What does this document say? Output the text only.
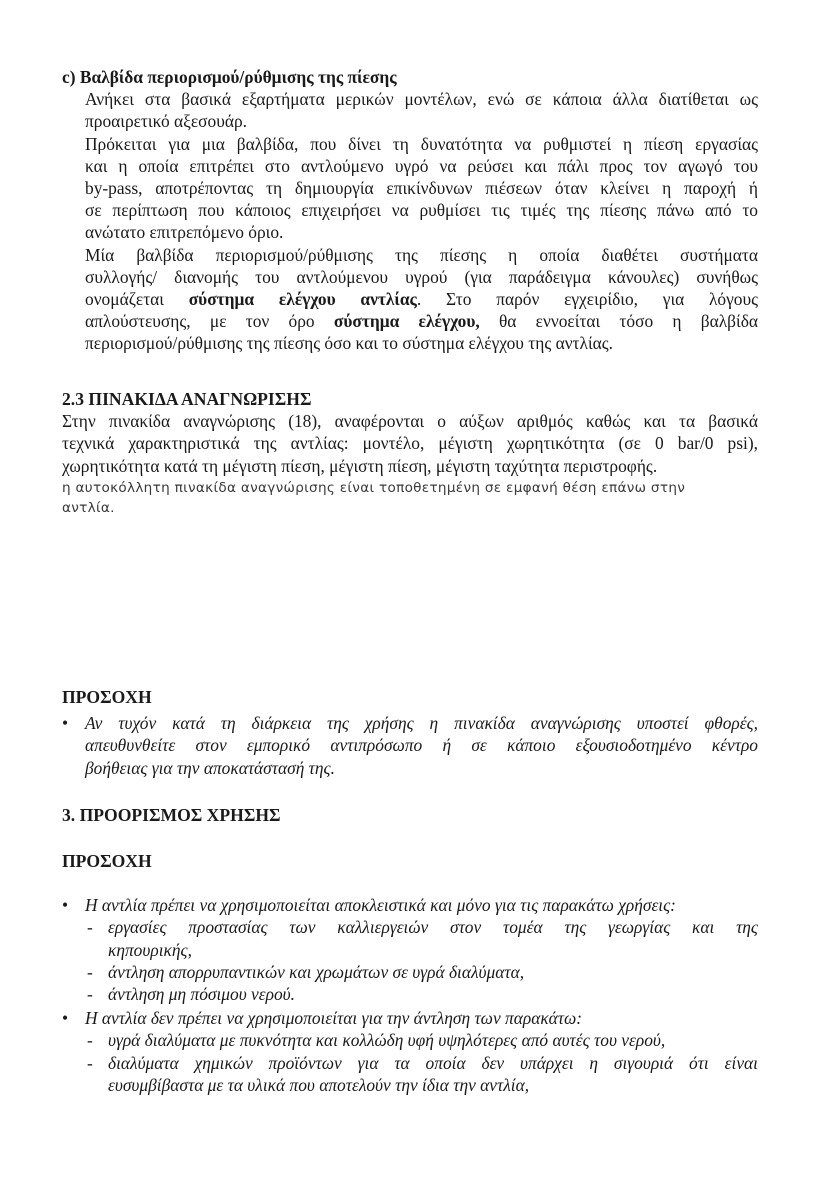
c) Βαλβίδα περιορισμού/ρύθμισης της πίεσης
Ανήκει στα βασικά εξαρτήματα μερικών μοντέλων, ενώ σε κάποια άλλα διατίθεται ως
προαιρετικό αξεσουάρ.
Πρόκειται για μια βαλβίδα, που δίνει τη δυνατότητα να ρυθμιστεί η πίεση εργασίας
και η οποία επιτρέπει στο αντλούμενο υγρό να ρεύσει και πάλι προς τον αγωγό του
by-pass, αποτρέποντας τη δημιουργία επικίνδυνων πιέσεων όταν κλείνει η παροχή ή
σε περίπτωση που κάποιος επιχειρήσει να ρυθμίσει τις τιμές της πίεσης πάνω από το
ανώτατο επιτρεπόμενο όριο.
Μία βαλβίδα περιορισμού/ρύθμισης της πίεσης η οποία διαθέτει συστήματα
συλλογής/ διανομής του αντλούμενου υγρού (για παράδειγμα κάνουλες) συνήθως
ονομάζεται σύστημα ελέγχου αντλίας. Στο παρόν εγχειρίδιο, για λόγους
απλούστευσης, με τον όρο σύστημα ελέγχου, θα εννοείται τόσο η βαλβίδα
περιορισμού/ρύθμισης της πίεσης όσο και το σύστημα ελέγχου της αντλίας.
2.3 ΠΙΝΑΚΙΔΑ ΑΝΑΓΝΩΡΙΣΗΣ
Στην πινακίδα αναγνώρισης (18), αναφέρονται ο αύξων αριθμός καθώς και τα βασικά
τεχνικά χαρακτηριστικά της αντλίας: μοντέλο, μέγιστη χωρητικότητα (σε 0 bar/0 psi),
χωρητικότητα κατά τη μέγιστη πίεση, μέγιστη πίεση, μέγιστη ταχύτητα περιστροφής.
η αυτοκόλλητη πινακίδα αναγνώρισης είναι τοποθετημένη σε εμφανή θέση επάνω στην
αντλία.
ΠΡΟΣΟΧΗ
• Αν τυχόν κατά τη διάρκεια της χρήσης η πινακίδα αναγνώρισης υποστεί φθορές,
απευθυνθείτε στον εμπορικό αντιπρόσωπο ή σε κάποιο εξουσιοδοτημένο κέντρο
βοήθειας για την αποκατάστασή της.
3. ΠΡΟΟΡΙΣΜΟΣ ΧΡΗΣΗΣ
ΠΡΟΣΟΧΗ
• Η αντλία πρέπει να χρησιμοποιείται αποκλειστικά και μόνο για τις παρακάτω χρήσεις:
- εργασίες προστασίας των καλλιεργειών στον τομέα της γεωργίας και της
κηπουρικής,
- άντληση απορρυπαντικών και χρωμάτων σε υγρά διαλύματα,
- άντληση μη πόσιμου νερού.
• Η αντλία δεν πρέπει να χρησιμοποιείται για την άντληση των παρακάτω:
- υγρά διαλύματα με πυκνότητα και κολλώδη υφή υψηλότερες από αυτές του νερού,
- διαλύματα χημικών προϊόντων για τα οποία δεν υπάρχει η σιγουριά ότι είναι
ευσυμβίβαστα με τα υλικά που αποτελούν την ίδια την αντλία,
